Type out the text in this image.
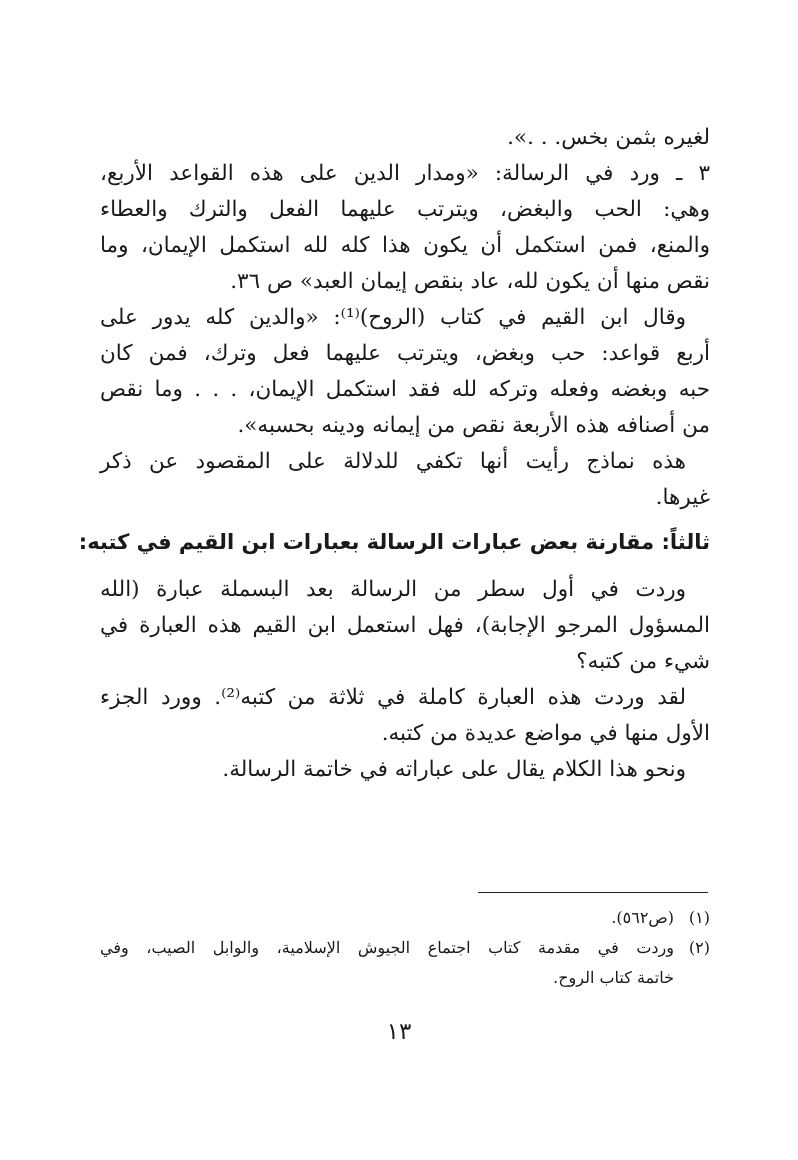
لغيره بثمن بخس. . .».
٣ ـ ورد في الرسالة: «ومدار الدين على هذه القواعد الأربع،
وهي: الحب والبغض، ويترتب عليهما الفعل والترك والعطاء
والمنع، فمن استكمل أن يكون هذا كله لله استكمل الإيمان، وما
نقص منها أن يكون لله، عاد بنقص إيمان العبد» ص ٣٦.
وقال ابن القيم في كتاب (الروح)⁽¹⁾: «والدين كله يدور على
أربع قواعد: حب وبغض، ويترتب عليهما فعل وترك، فمن كان
حبه وبغضه وفعله وتركه لله فقد استكمل الإيمان، . . . وما نقص
من أصنافه هذه الأربعة نقص من إيمانه ودينه بحسبه».
هذه نماذج رأيت أنها تكفي للدلالة على المقصود عن ذكر
غيرها.
ثالثاً: مقارنة بعض عبارات الرسالة بعبارات ابن القيم في كتبه:
وردت في أول سطر من الرسالة بعد البسملة عبارة (الله
المسؤول المرجو الإجابة)، فهل استعمل ابن القيم هذه العبارة في
شيء من كتبه؟
لقد وردت هذه العبارة كاملة في ثلاثة من كتبه⁽²⁾. وورد الجزء
الأول منها في مواضع عديدة من كتبه.
ونحو هذا الكلام يقال على عباراته في خاتمة الرسالة.
(١)(ص٥٦٢).
(٢)وردت في مقدمة كتاب اجتماع الجيوش الإسلامية، والوابل الصيب، وفي
خاتمة كتاب الروح.
١٣
